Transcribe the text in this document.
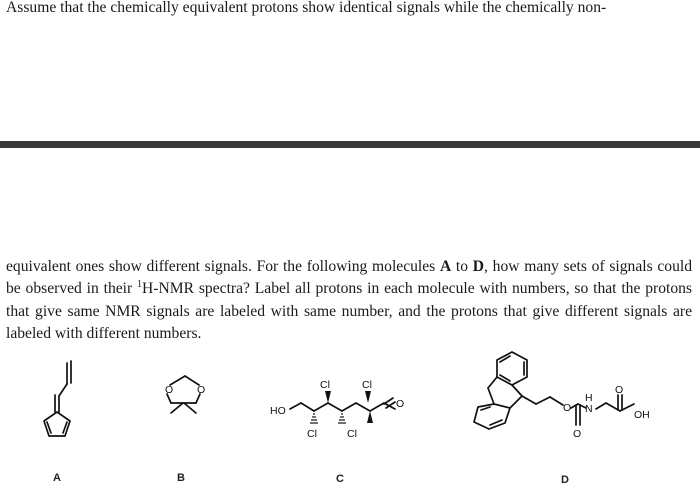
Assume that the chemically equivalent protons show identical signals while the chemically non-
equivalent ones show different signals. For the following molecules A to D, how many sets of signals could be observed in their $^1$H-NMR spectra? Label all protons in each molecule with numbers, so that the protons that give same NMR signals are labeled with same number, and the protons that give different signals are labeled with different numbers.
O O
HO
Cl	Cl
Cl	Cl
O	O
O
H
N
O
OH
A	B	C	D
